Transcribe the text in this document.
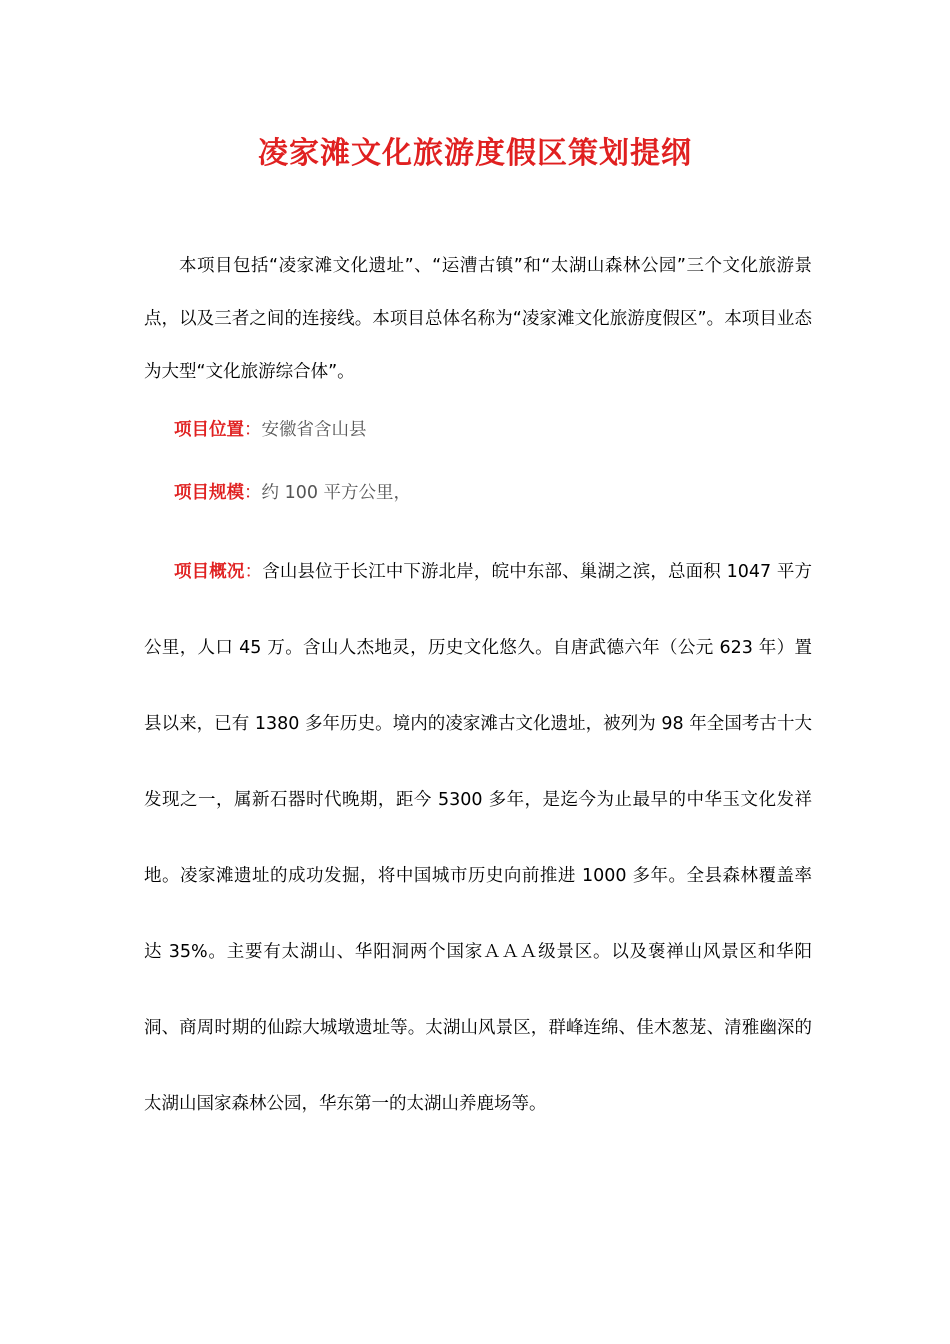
凌家滩文化旅游度假区策划提纲

本项目包括“凌家滩文化遗址”、“运漕古镇”和“太湖山森林公园”三个文化旅游景点，以及三者之间的连接线。本项目总体名称为“凌家滩文化旅游度假区”。本项目业态为大型“文化旅游综合体”。

项目位置：安徽省含山县

项目规模：约 100 平方公里，

项目概况：含山县位于长江中下游北岸，皖中东部、巢湖之滨，总面积 1047 平方公里，人口 45 万。含山人杰地灵，历史文化悠久。自唐武德六年（公元 623 年）置县以来，已有 1380 多年历史。境内的凌家滩古文化遗址，被列为 98 年全国考古十大发现之一，属新石器时代晚期，距今 5300 多年，是迄今为止最早的中华玉文化发祥地。凌家滩遗址的成功发掘，将中国城市历史向前推进 1000 多年。全县森林覆盖率达 35%。主要有太湖山、华阳洞两个国家ＡＡＡ级景区。以及褒禅山风景区和华阳洞、商周时期的仙踪大城墩遗址等。太湖山风景区，群峰连绵、佳木葱茏、清雅幽深的太湖山国家森林公园，华东第一的太湖山养鹿场等。
